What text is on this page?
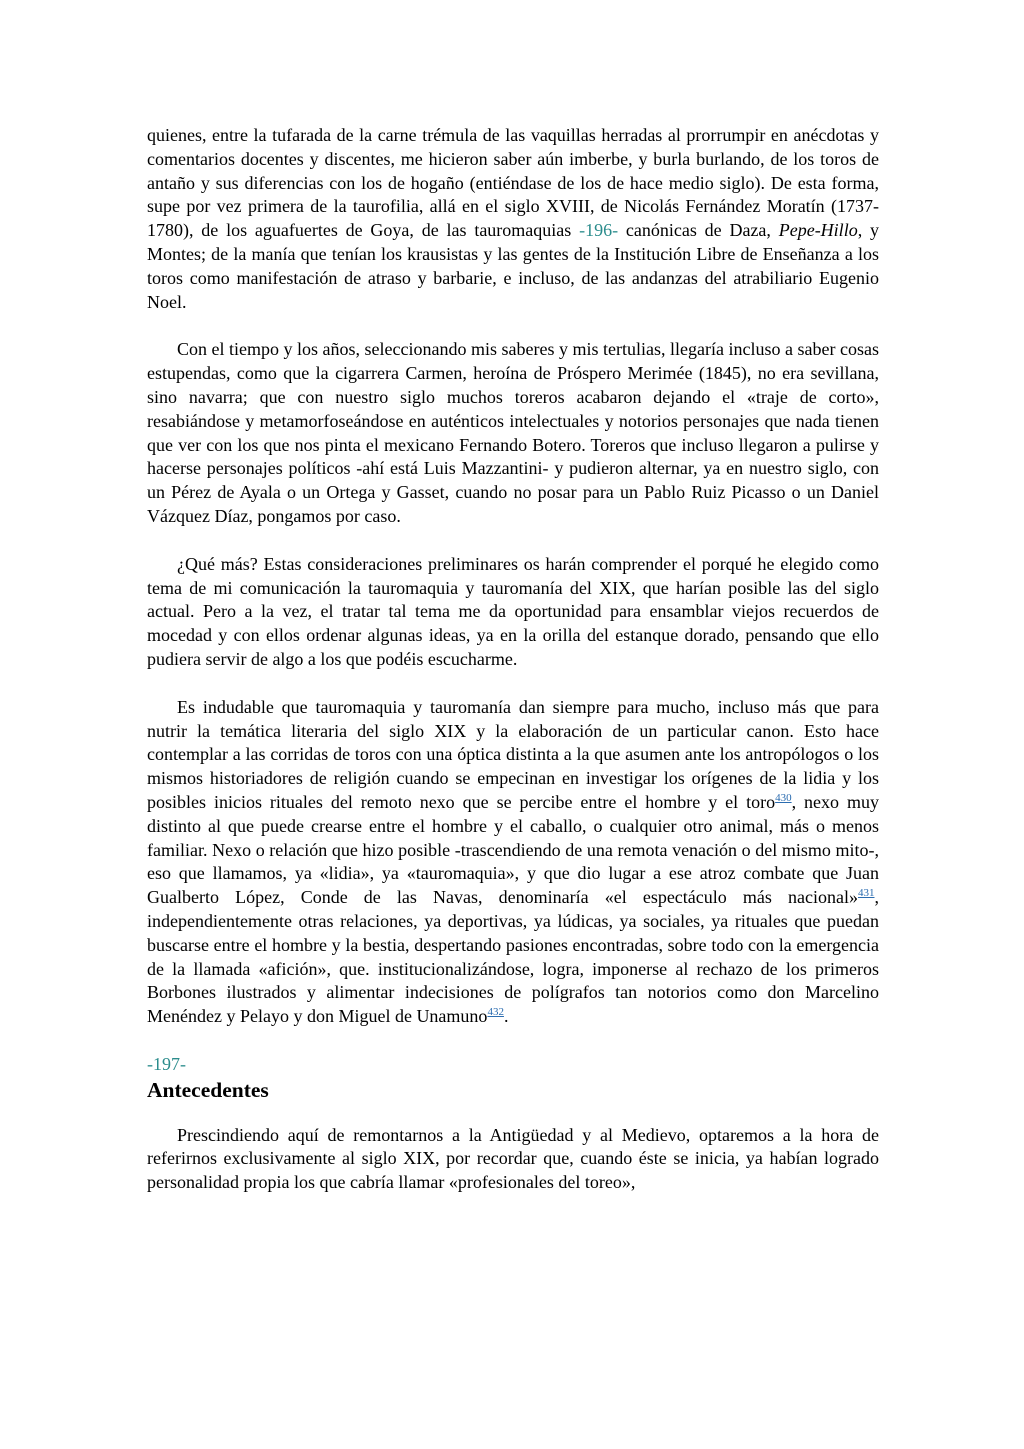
quienes, entre la tufarada de la carne trémula de las vaquillas herradas al prorrumpir en anécdotas y comentarios docentes y discentes, me hicieron saber aún imberbe, y burla burlando, de los toros de antaño y sus diferencias con los de hogaño (entiéndase de los de hace medio siglo). De esta forma, supe por vez primera de la taurofilia, allá en el siglo XVIII, de Nicolás Fernández Moratín (1737-1780), de los aguafuertes de Goya, de las tauromaquias -196- canónicas de Daza, Pepe-Hillo, y Montes; de la manía que tenían los krausistas y las gentes de la Institución Libre de Enseñanza a los toros como manifestación de atraso y barbarie, e incluso, de las andanzas del atrabiliario Eugenio Noel.

Con el tiempo y los años, seleccionando mis saberes y mis tertulias, llegaría incluso a saber cosas estupendas, como que la cigarrera Carmen, heroína de Próspero Merimée (1845), no era sevillana, sino navarra; que con nuestro siglo muchos toreros acabaron dejando el «traje de corto», resabiándose y metamorfoseándose en auténticos intelectuales y notorios personajes que nada tienen que ver con los que nos pinta el mexicano Fernando Botero. Toreros que incluso llegaron a pulirse y hacerse personajes políticos -ahí está Luis Mazzantini- y pudieron alternar, ya en nuestro siglo, con un Pérez de Ayala o un Ortega y Gasset, cuando no posar para un Pablo Ruiz Picasso o un Daniel Vázquez Díaz, pongamos por caso.

¿Qué más? Estas consideraciones preliminares os harán comprender el porqué he elegido como tema de mi comunicación la tauromaquia y tauromanía del XIX, que harían posible las del siglo actual. Pero a la vez, el tratar tal tema me da oportunidad para ensamblar viejos recuerdos de mocedad y con ellos ordenar algunas ideas, ya en la orilla del estanque dorado, pensando que ello pudiera servir de algo a los que podéis escucharme.

Es indudable que tauromaquia y tauromanía dan siempre para mucho, incluso más que para nutrir la temática literaria del siglo XIX y la elaboración de un particular canon. Esto hace contemplar a las corridas de toros con una óptica distinta a la que asumen ante los antropólogos o los mismos historiadores de religión cuando se empecinan en investigar los orígenes de la lidia y los posibles inicios rituales del remoto nexo que se percibe entre el hombre y el toro$^{430}$, nexo muy distinto al que puede crearse entre el hombre y el caballo, o cualquier otro animal, más o menos familiar. Nexo o relación que hizo posible -trascendiendo de una remota venación o del mismo mito-, eso que llamamos, ya «lidia», ya «tauromaquia», y que dio lugar a ese atroz combate que Juan Gualberto López, Conde de las Navas, denominaría «el espectáculo más nacional»$^{431}$, independientemente otras relaciones, ya deportivas, ya lúdicas, ya sociales, ya rituales que puedan buscarse entre el hombre y la bestia, despertando pasiones encontradas, sobre todo con la emergencia de la llamada «afición», que. institucionalizándose, logra, imponerse al rechazo de los primeros Borbones ilustrados y alimentar indecisiones de polígrafos tan notorios como don Marcelino Menéndez y Pelayo y don Miguel de Unamuno$^{432}$.

-197-
Antecedentes

Prescindiendo aquí de remontarnos a la Antigüedad y al Medievo, optaremos a la hora de referirnos exclusivamente al siglo XIX, por recordar que, cuando éste se inicia, ya habían logrado personalidad propia los que cabría llamar «profesionales del toreo»,
